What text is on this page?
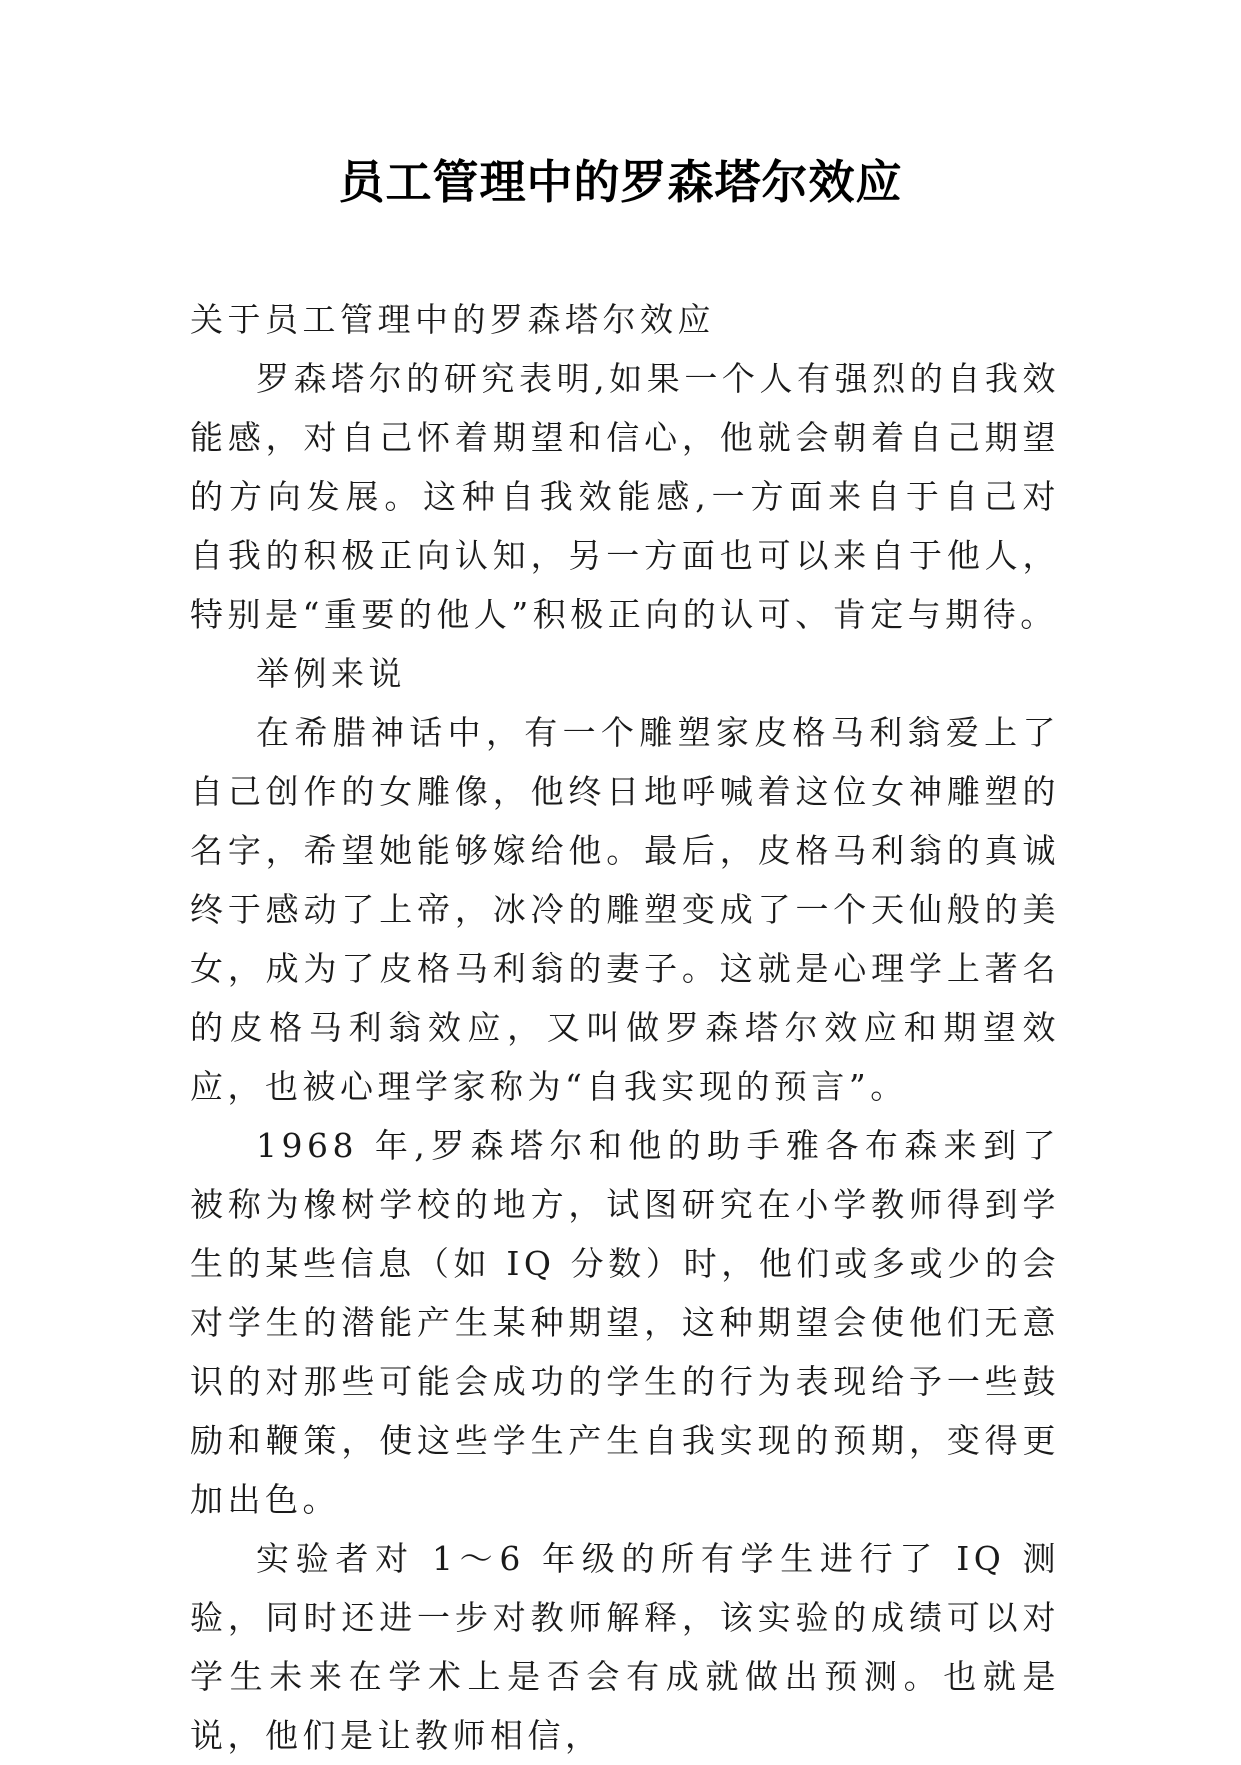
员工管理中的罗森塔尔效应

关于员工管理中的罗森塔尔效应

罗森塔尔的研究表明,如果一个人有强烈的自我效能感，对自己怀着期望和信心，他就会朝着自己期望的方向发展。这种自我效能感,一方面来自于自己对自我的积极正向认知，另一方面也可以来自于他人，特别是“重要的他人”积极正向的认可、肯定与期待。

举例来说

在希腊神话中，有一个雕塑家皮格马利翁爱上了自己创作的女雕像，他终日地呼喊着这位女神雕塑的名字，希望她能够嫁给他。最后，皮格马利翁的真诚终于感动了上帝，冰冷的雕塑变成了一个天仙般的美女，成为了皮格马利翁的妻子。这就是心理学上著名的皮格马利翁效应，又叫做罗森塔尔效应和期望效应，也被心理学家称为“自我实现的预言”。

1968 年,罗森塔尔和他的助手雅各布森来到了被称为橡树学校的地方，试图研究在小学教师得到学生的某些信息（如 IQ 分数）时，他们或多或少的会对学生的潜能产生某种期望，这种期望会使他们无意识的对那些可能会成功的学生的行为表现给予一些鼓励和鞭策，使这些学生产生自我实现的预期，变得更加出色。

实验者对 1～6 年级的所有学生进行了 IQ 测验，同时还进一步对教师解释，该实验的成绩可以对学生未来在学术上是否会有成就做出预测。也就是说，他们是让教师相信，
